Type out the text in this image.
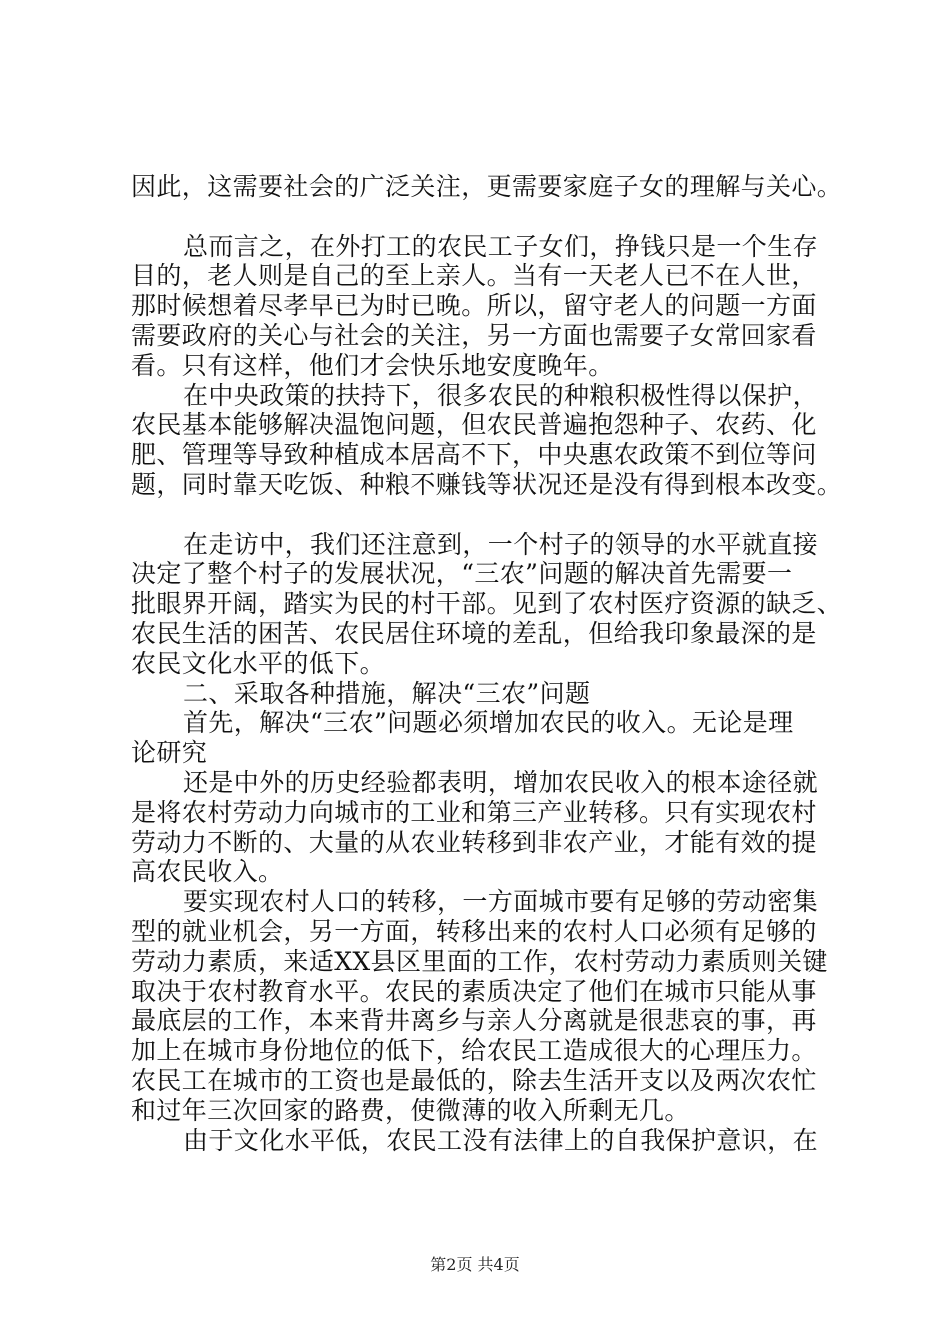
因此，这需要社会的广泛关注，更需要家庭子女的理解与关心。
总而言之，在外打工的农民工子女们，挣钱只是一个生存
目的，老人则是自己的至上亲人。当有一天老人已不在人世，
那时候想着尽孝早已为时已晚。所以，留守老人的问题一方面
需要政府的关心与社会的关注，另一方面也需要子女常回家看
看。只有这样，他们才会快乐地安度晚年。
在中央政策的扶持下，很多农民的种粮积极性得以保护，
农民基本能够解决温饱问题，但农民普遍抱怨种子、农药、化
肥、管理等导致种植成本居高不下，中央惠农政策不到位等问
题，同时靠天吃饭、种粮不赚钱等状况还是没有得到根本改变。
在走访中，我们还注意到，一个村子的领导的水平就直接
决定了整个村子的发展状况，“三农”问题的解决首先需要一
批眼界开阔，踏实为民的村干部。见到了农村医疗资源的缺乏、
农民生活的困苦、农民居住环境的差乱，但给我印象最深的是
农民文化水平的低下。
二、采取各种措施，解决“三农”问题
首先，解决“三农”问题必须增加农民的收入。无论是理
论研究
还是中外的历史经验都表明，增加农民收入的根本途径就
是将农村劳动力向城市的工业和第三产业转移。只有实现农村
劳动力不断的、大量的从农业转移到非农产业，才能有效的提
高农民收入。
要实现农村人口的转移，一方面城市要有足够的劳动密集
型的就业机会，另一方面，转移出来的农村人口必须有足够的
劳动力素质，来适XX县区里面的工作，农村劳动力素质则关键
取决于农村教育水平。农民的素质决定了他们在城市只能从事
最底层的工作，本来背井离乡与亲人分离就是很悲哀的事，再
加上在城市身份地位的低下，给农民工造成很大的心理压力。
农民工在城市的工资也是最低的，除去生活开支以及两次农忙
和过年三次回家的路费，使微薄的收入所剩无几。
由于文化水平低，农民工没有法律上的自我保护意识，在
第2页 共4页
